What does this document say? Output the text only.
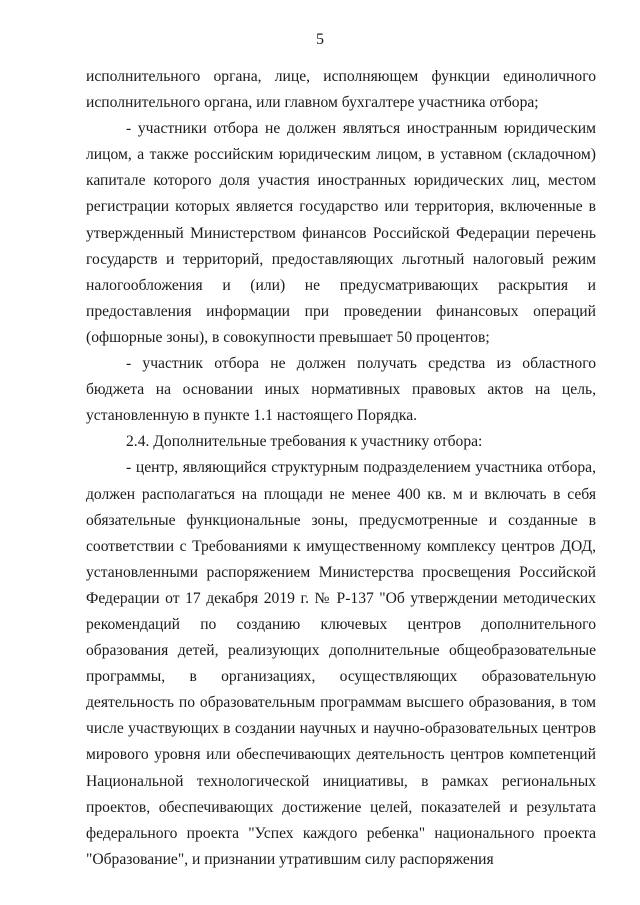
5

исполнительного органа, лице, исполняющем функции единоличного исполнительного органа, или главном бухгалтере участника отбора;

- участники отбора не должен являться иностранным юридическим лицом, а также российским юридическим лицом, в уставном (складочном) капитале которого доля участия иностранных юридических лиц, местом регистрации которых является государство или территория, включенные в утвержденный Министерством финансов Российской Федерации перечень государств и территорий, предоставляющих льготный налоговый режим налогообложения и (или) не предусматривающих раскрытия и предоставления информации при проведении финансовых операций (офшорные зоны), в совокупности превышает 50 процентов;

- участник отбора не должен получать средства из областного бюджета на основании иных нормативных правовых актов на цель, установленную в пункте 1.1 настоящего Порядка.

2.4. Дополнительные требования к участнику отбора:

- центр, являющийся структурным подразделением участника отбора, должен располагаться на площади не менее 400 кв. м и включать в себя обязательные функциональные зоны, предусмотренные и созданные в соответствии с Требованиями к имущественному комплексу центров ДОД, установленными распоряжением Министерства просвещения Российской Федерации от 17 декабря 2019 г. № Р-137 "Об утверждении методических рекомендаций по созданию ключевых центров дополнительного образования детей, реализующих дополнительные общеобразовательные программы, в организациях, осуществляющих образовательную деятельность по образовательным программам высшего образования, в том числе участвующих в создании научных и научно-образовательных центров мирового уровня или обеспечивающих деятельность центров компетенций Национальной технологической инициативы, в рамках региональных проектов, обеспечивающих достижение целей, показателей и результата федерального проекта "Успех каждого ребенка" национального проекта "Образование", и признании утратившим силу распоряжения
